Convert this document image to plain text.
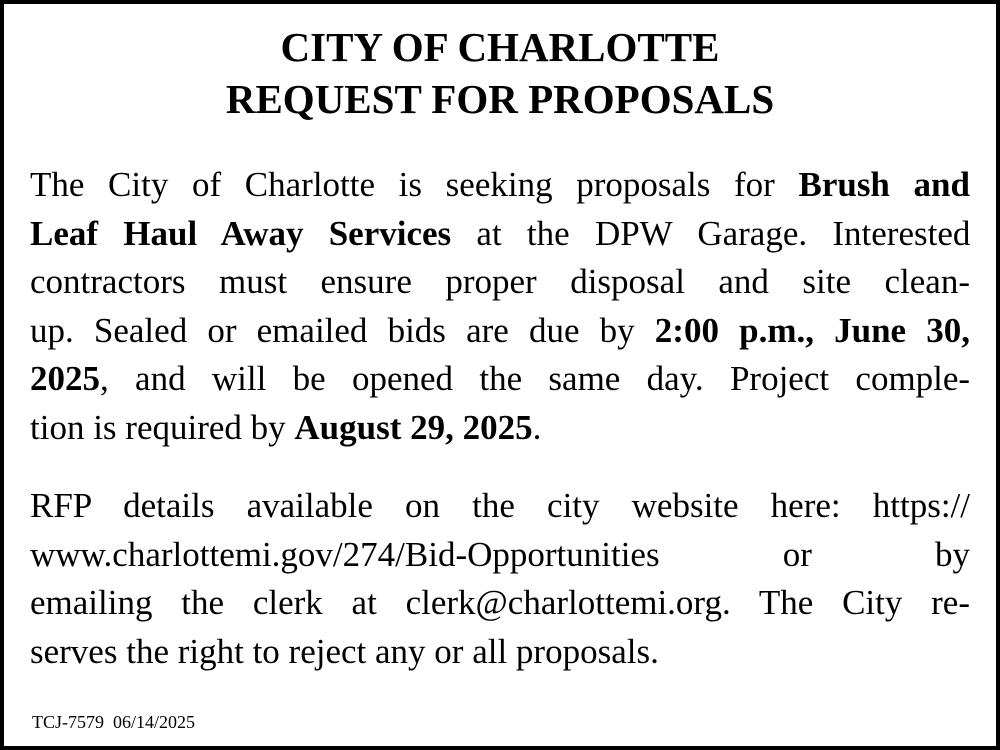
CITY OF CHARLOTTE
REQUEST FOR PROPOSALS
The City of Charlotte is seeking proposals for Brush and
Leaf Haul Away Services at the DPW Garage. Interested
contractors must ensure proper disposal and site clean-
up. Sealed or emailed bids are due by 2:00 p.m., June 30,
2025, and will be opened the same day. Project comple-
tion is required by August 29, 2025.
RFP details available on the city website here: https://
www.charlottemi.gov/274/Bid-Opportunities	or	by
emailing the clerk at clerk@charlottemi.org. The City re-
serves the right to reject any or all proposals.
TCJ-7579 06/14/2025
